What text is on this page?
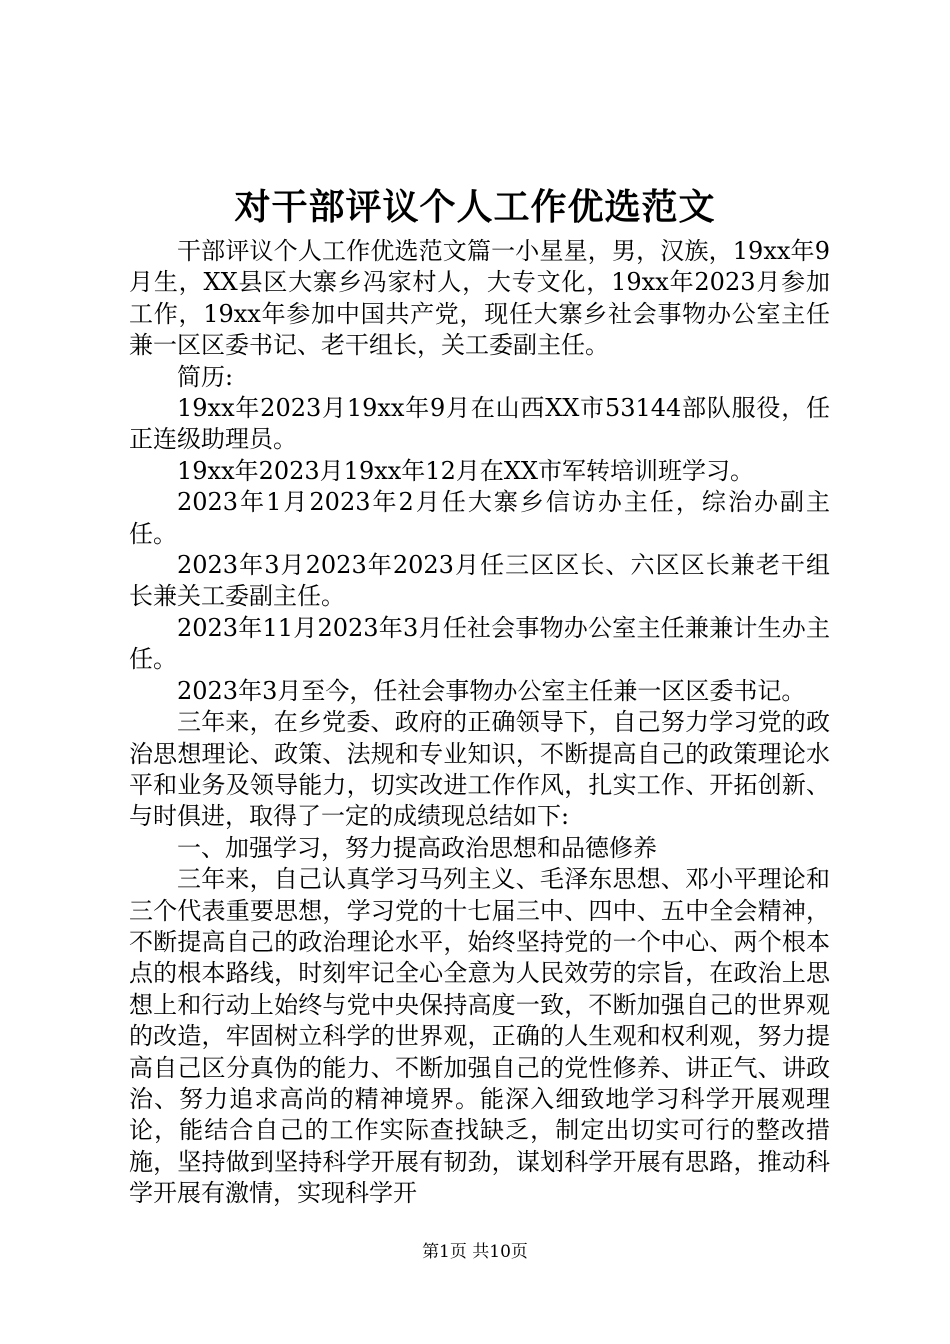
对干部评议个人工作优选范文

干部评议个人工作优选范文篇一小星星，男，汉族，19xx年9月生，XX县区大寨乡冯家村人，大专文化，19xx年2023月参加工作，19xx年参加中国共产党，现任大寨乡社会事物办公室主任兼一区区委书记、老干组长，关工委副主任。

简历:

19xx年2023月19xx年9月在山西XX市53144部队服役，任正连级助理员。

19xx年2023月19xx年12月在XX市军转培训班学习。

2023年1月2023年2月任大寨乡信访办主任，综治办副主任。

2023年3月2023年2023月任三区区长、六区区长兼老干组长兼关工委副主任。

2023年11月2023年3月任社会事物办公室主任兼兼计生办主任。

2023年3月至今，任社会事物办公室主任兼一区区委书记。

三年来，在乡党委、政府的正确领导下，自己努力学习党的政治思想理论、政策、法规和专业知识，不断提高自己的政策理论水平和业务及领导能力，切实改进工作作风，扎实工作、开拓创新、与时俱进，取得了一定的成绩现总结如下:

一、加强学习，努力提高政治思想和品德修养

三年来，自己认真学习马列主义、毛泽东思想、邓小平理论和三个代表重要思想，学习党的十七届三中、四中、五中全会精神，不断提高自己的政治理论水平，始终坚持党的一个中心、两个根本点的根本路线，时刻牢记全心全意为人民效劳的宗旨，在政治上思想上和行动上始终与党中央保持高度一致，不断加强自己的世界观的改造，牢固树立科学的世界观，正确的人生观和权利观，努力提高自己区分真伪的能力、不断加强自己的党性修养、讲正气、讲政治、努力追求高尚的精神境界。能深入细致地学习科学开展观理论，能结合自己的工作实际查找缺乏，制定出切实可行的整改措施，坚持做到坚持科学开展有韧劲，谋划科学开展有思路，推动科学开展有激情，实现科学开

第1页 共10页
